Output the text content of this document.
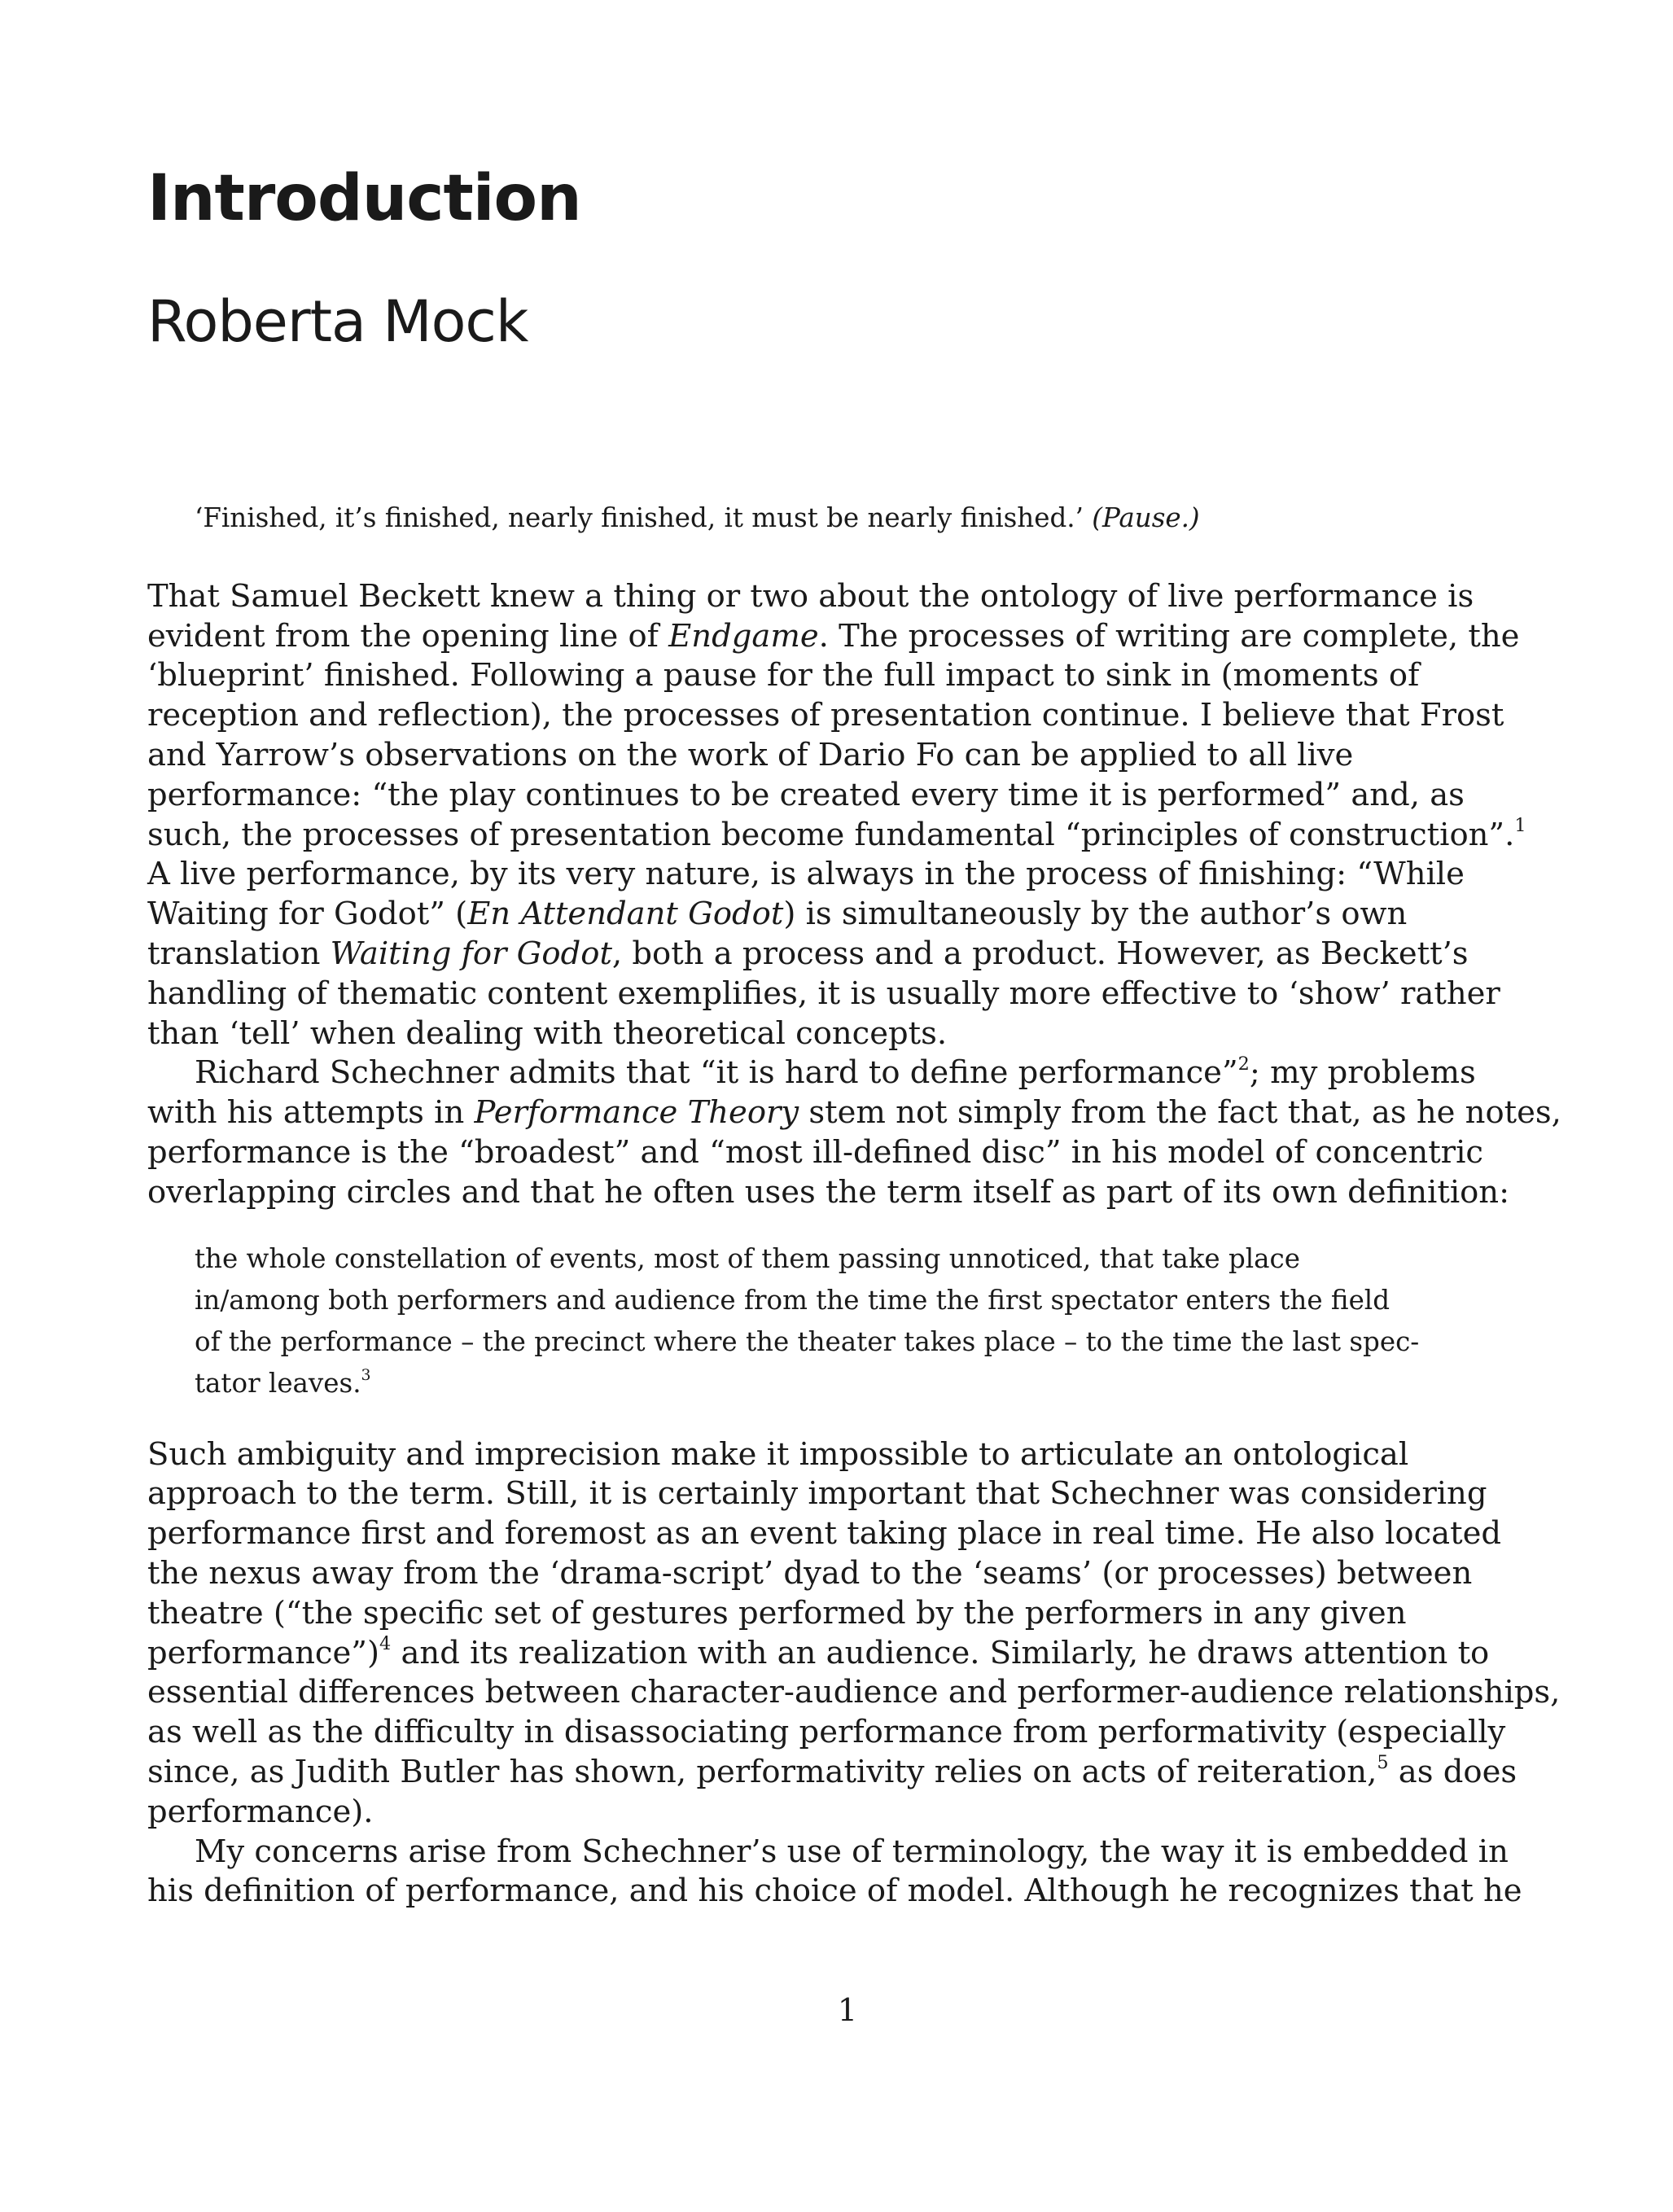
Introduction
Roberta Mock
‘Finished, it’s finished, nearly finished, it must be nearly finished.’ (Pause.)
That Samuel Beckett knew a thing or two about the ontology of live performance is
evident from the opening line of Endgame. The processes of writing are complete, the
‘blueprint’ finished. Following a pause for the full impact to sink in (moments of
reception and reflection), the processes of presentation continue. I believe that Frost
and Yarrow’s observations on the work of Dario Fo can be applied to all live
performance: “the play continues to be created every time it is performed” and, as
such, the processes of presentation become fundamental “principles of construction”.$^1$
A live performance, by its very nature, is always in the process of finishing: “While
Waiting for Godot” (En Attendant Godot) is simultaneously by the author’s own
translation Waiting for Godot, both a process and a product. However, as Beckett’s
handling of thematic content exemplifies, it is usually more effective to ‘show’ rather
than ‘tell’ when dealing with theoretical concepts.
Richard Schechner admits that “it is hard to define performance”$^2$; my problems
with his attempts in Performance Theory stem not simply from the fact that, as he notes,
performance is the “broadest” and “most ill-defined disc” in his model of concentric
overlapping circles and that he often uses the term itself as part of its own definition:
the whole constellation of events, most of them passing unnoticed, that take place
in/among both performers and audience from the time the first spectator enters the field
of the performance – the precinct where the theater takes place – to the time the last spec-
tator leaves.$^3$
Such ambiguity and imprecision make it impossible to articulate an ontological
approach to the term. Still, it is certainly important that Schechner was considering
performance first and foremost as an event taking place in real time. He also located
the nexus away from the ‘drama-script’ dyad to the ‘seams’ (or processes) between
theatre (“the specific set of gestures performed by the performers in any given
performance”)$^4$ and its realization with an audience. Similarly, he draws attention to
essential differences between character-audience and performer-audience relationships,
as well as the difficulty in disassociating performance from performativity (especially
since, as Judith Butler has shown, performativity relies on acts of reiteration,$^5$ as does
performance).
My concerns arise from Schechner’s use of terminology, the way it is embedded in
his definition of performance, and his choice of model. Although he recognizes that he
1
